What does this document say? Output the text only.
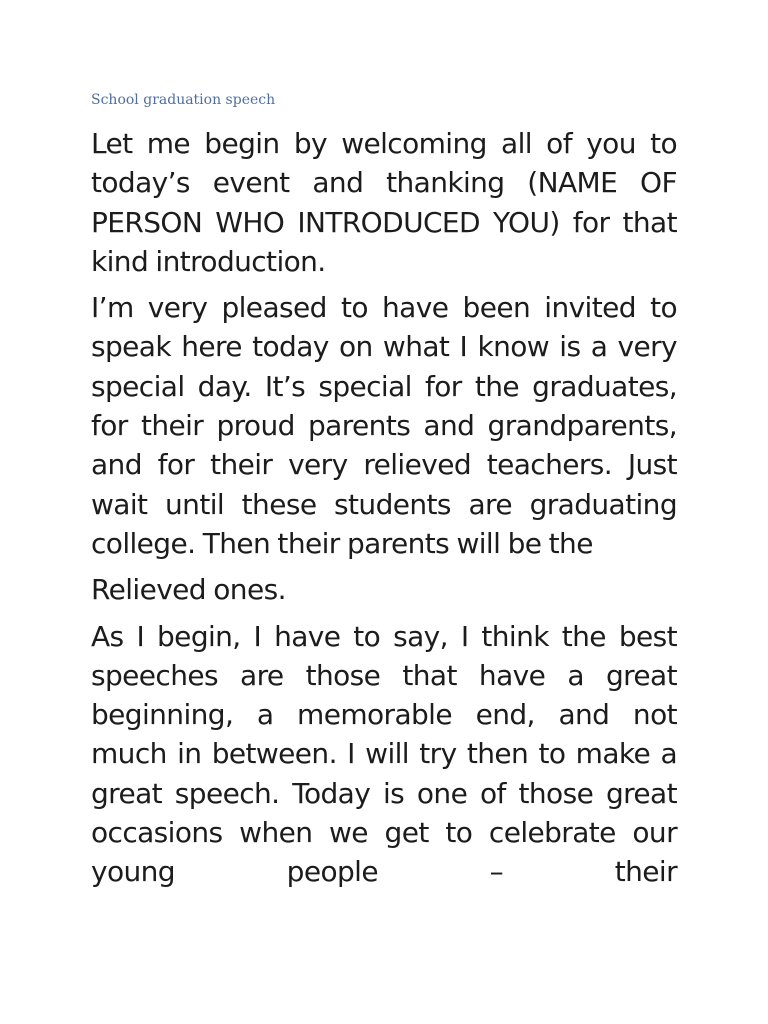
School graduation speech

Let me begin by welcoming all of you to today’s event and thanking (NAME OF PERSON WHO INTRODUCED YOU) for that kind introduction.

I’m very pleased to have been invited to speak here today on what I know is a very special day. It’s special for the graduates, for their proud parents and grandparents, and for their very relieved teachers. Just wait until these students are graduating college. Then their parents will be the

Relieved ones.

As I begin, I have to say, I think the best speeches are those that have a great beginning, a memorable end, and not much in between. I will try then to make a great speech. Today is one of those great occasions when we get to celebrate our young people – their
